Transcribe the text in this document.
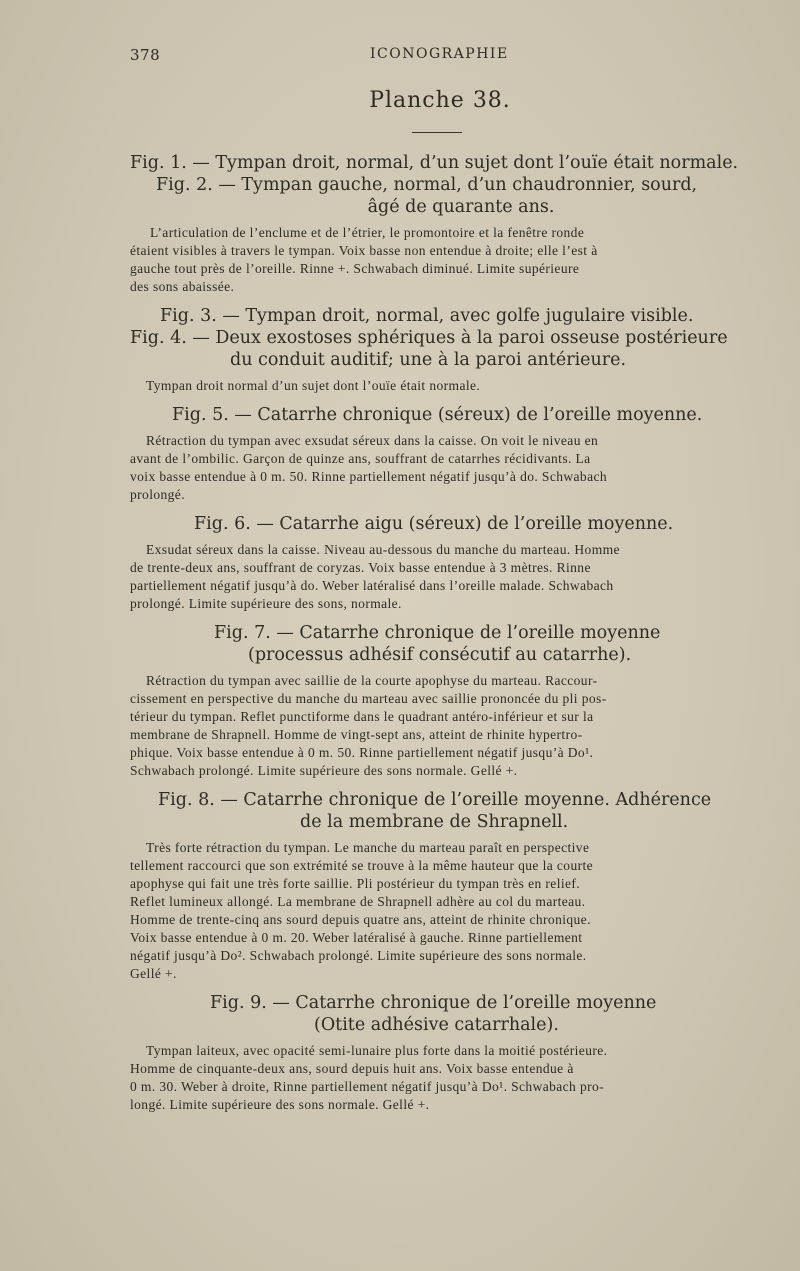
378	ICONOGRAPHIE
Planche 38.

Fig. 1. — Tympan droit, normal, d’un sujet dont l’ouïe était normale.

Fig. 2. — Tympan gauche, normal, d’un chaudronnier, sourd,
âgé de quarante ans.

L’articulation de l’enclume et de l’étrier, le promontoire et la fenêtre ronde
étaient visibles à travers le tympan. Voix basse non entendue à droite; elle l’est à
gauche tout près de l’oreille. Rinne +. Schwabach diminué. Limite supérieure
des sons abaissée.

Fig. 3. — Tympan droit, normal, avec golfe jugulaire visible.

Fig. 4. — Deux exostoses sphériques à la paroi osseuse postérieure
du conduit auditif; une à la paroi antérieure.

Tympan droit normal d’un sujet dont l’ouïe était normale.

Fig. 5. — Catarrhe chronique (séreux) de l’oreille moyenne.

Rétraction du tympan avec exsudat séreux dans la caisse. On voit le niveau en
avant de l’ombilic. Garçon de quinze ans, souffrant de catarrhes récidivants. La
voix basse entendue à 0 m. 50. Rinne partiellement négatif jusqu’à do. Schwabach
prolongé.

Fig. 6. — Catarrhe aigu (séreux) de l’oreille moyenne.

Exsudat séreux dans la caisse. Niveau au-dessous du manche du marteau. Homme
de trente-deux ans, souffrant de coryzas. Voix basse entendue à 3 mètres. Rinne
partiellement négatif jusqu’à do. Weber latéralisé dans l’oreille malade. Schwabach
prolongé. Limite supérieure des sons, normale.

Fig. 7. — Catarrhe chronique de l’oreille moyenne
(processus adhésif consécutif au catarrhe).

Rétraction du tympan avec saillie de la courte apophyse du marteau. Raccour-
cissement en perspective du manche du marteau avec saillie prononcée du pli pos-
térieur du tympan. Reflet punctiforme dans le quadrant antéro-inférieur et sur la
membrane de Shrapnell. Homme de vingt-sept ans, atteint de rhinite hypertro-
phique. Voix basse entendue à 0 m. 50. Rinne partiellement négatif jusqu’à Do¹.
Schwabach prolongé. Limite supérieure des sons normale. Gellé +.

Fig. 8. — Catarrhe chronique de l’oreille moyenne. Adhérence
de la membrane de Shrapnell.

Très forte rétraction du tympan. Le manche du marteau paraît en perspective
tellement raccourci que son extrémité se trouve à la même hauteur que la courte
apophyse qui fait une très forte saillie. Pli postérieur du tympan très en relief.
Reflet lumineux allongé. La membrane de Shrapnell adhère au col du marteau.
Homme de trente-cinq ans sourd depuis quatre ans, atteint de rhinite chronique.
Voix basse entendue à 0 m. 20. Weber latéralisé à gauche. Rinne partiellement
négatif jusqu’à Do². Schwabach prolongé. Limite supérieure des sons normale.
Gellé +.

Fig. 9. — Catarrhe chronique de l’oreille moyenne
(Otite adhésive catarrhale).

Tympan laiteux, avec opacité semi-lunaire plus forte dans la moitié postérieure.
Homme de cinquante-deux ans, sourd depuis huit ans. Voix basse entendue à
0 m. 30. Weber à droite, Rinne partiellement négatif jusqu’à Do¹. Schwabach pro-
longé. Limite supérieure des sons normale. Gellé +.
